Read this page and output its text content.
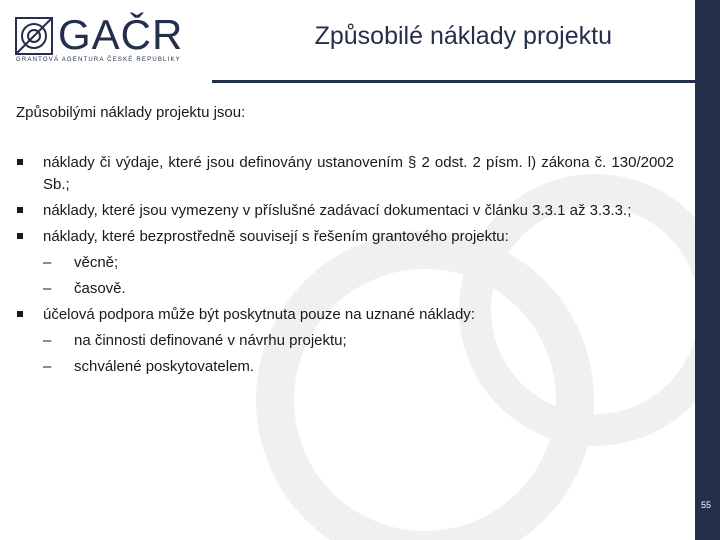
GAČR
GRANTOVÁ AGENTURA ČESKÉ REPUBLIKY
Způsobilé náklady projektu
Způsobilými náklady projektu jsou:
náklady či výdaje, které jsou definovány ustanovením § 2 odst. 2 písm. l) zákona č. 130/2002 Sb.;
náklady, které jsou vymezeny v příslušné zadávací dokumentaci v článku 3.3.1 až 3.3.3.;
náklady, které bezprostředně souvisejí s řešením grantového projektu:
– věcně;
– časově.
účelová podpora může být poskytnuta pouze na uznané náklady:
– na činnosti definované v návrhu projektu;
– schválené poskytovatelem.
55
